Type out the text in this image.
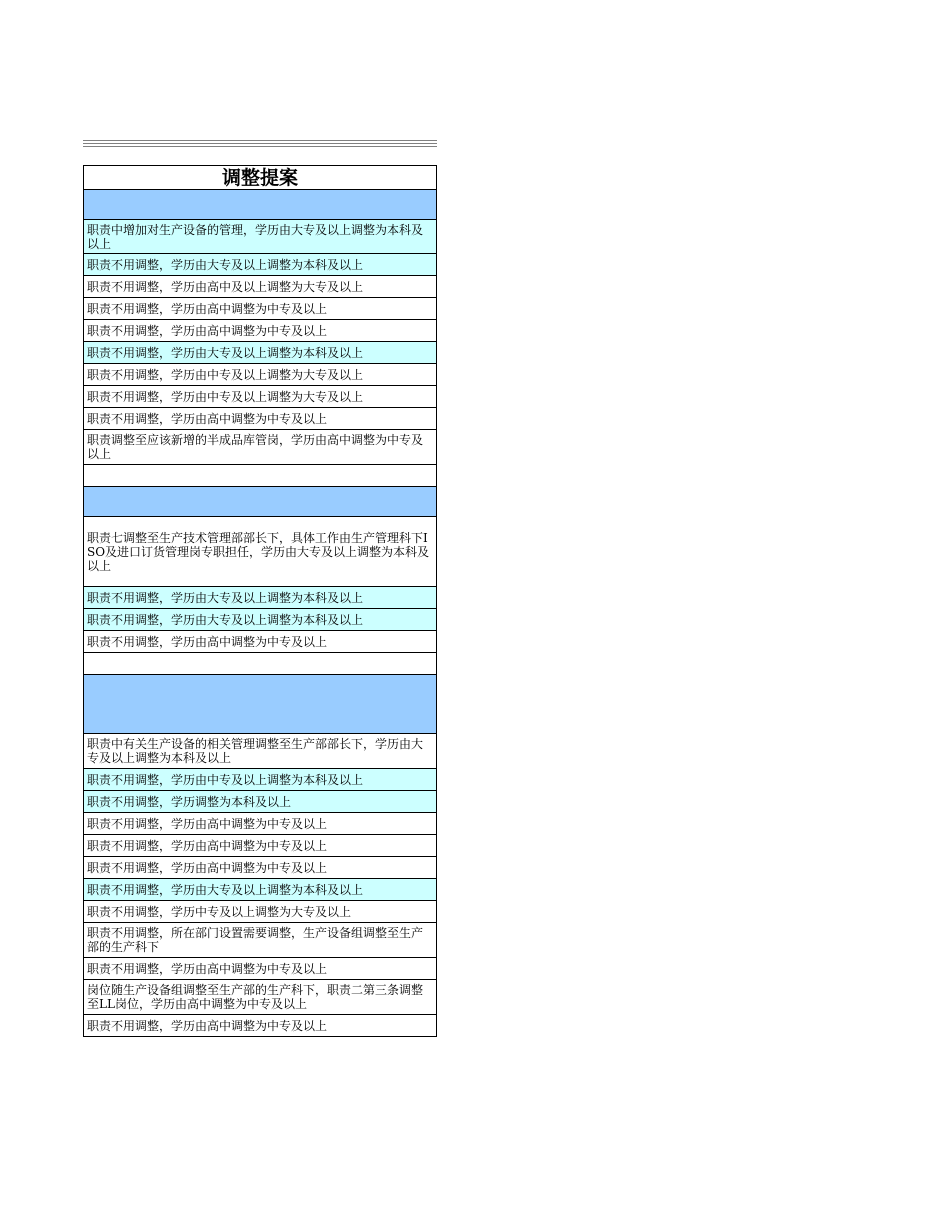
调整提案

职责中增加对生产设备的管理，学历由大专及以上调整为本科及以上
职责不用调整，学历由大专及以上调整为本科及以上
职责不用调整，学历由高中及以上调整为大专及以上
职责不用调整，学历由高中调整为中专及以上
职责不用调整，学历由高中调整为中专及以上
职责不用调整，学历由大专及以上调整为本科及以上
职责不用调整，学历由中专及以上调整为大专及以上
职责不用调整，学历由中专及以上调整为大专及以上
职责不用调整，学历由高中调整为中专及以上
职责调整至应该新增的半成品库管岗，学历由高中调整为中专及以上

职责七调整至生产技术管理部部长下，具体工作由生产管理科下ISO及进口订货管理岗专职担任，学历由大专及以上调整为本科及以上
职责不用调整，学历由大专及以上调整为本科及以上
职责不用调整，学历由大专及以上调整为本科及以上
职责不用调整，学历由高中调整为中专及以上

职责中有关生产设备的相关管理调整至生产部部长下，学历由大专及以上调整为本科及以上
职责不用调整，学历由中专及以上调整为本科及以上
职责不用调整，学历调整为本科及以上
职责不用调整，学历由高中调整为中专及以上
职责不用调整，学历由高中调整为中专及以上
职责不用调整，学历由高中调整为中专及以上
职责不用调整，学历由大专及以上调整为本科及以上
职责不用调整，学历中专及以上调整为大专及以上
职责不用调整，所在部门设置需要调整，生产设备组调整至生产部的生产科下
职责不用调整，学历由高中调整为中专及以上
岗位随生产设备组调整至生产部的生产科下，职责二第三条调整至LL岗位，学历由高中调整为中专及以上
职责不用调整，学历由高中调整为中专及以上
